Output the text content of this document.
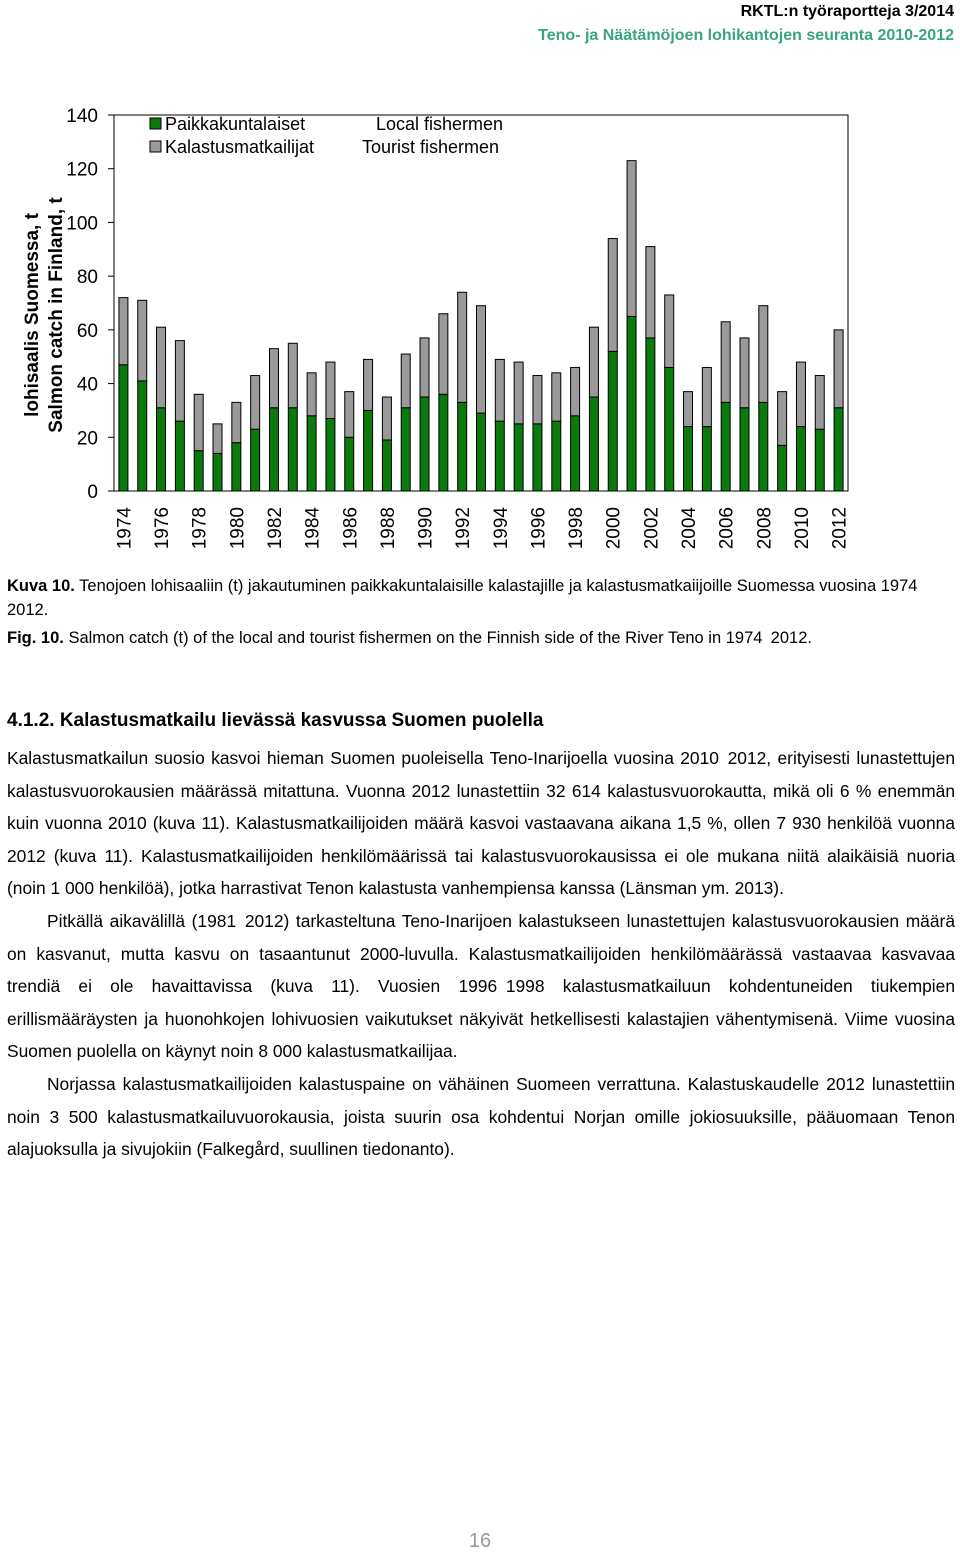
RKTL:n työraportteja 3/2014
Teno- ja Näätämöjoen lohikantojen seuranta 2010-2012
0
20
40
60
80
100
120
140
lohisaalis Suomessa, t Salmon catch in Finland, t
1974 1976 1978 1980 1982 1984 1986 1988 1990 1992 1994 1996 1998 2000 2002 2004 2006 2008 2010 2012
Paikkakuntalaiset	Local fishermen
Kalastusmatkailijat	Tourist fishermen
Kuva 10. Tenojoen lohisaaliin (t) jakautuminen paikkakuntalaisille kalastajille ja kalastusmatkaiijoille Suomessa vuosina 1974 2012.
Fig. 10. Salmon catch (t) of the local and tourist fishermen on the Finnish side of the River Teno in 1974 2012.
4.1.2. Kalastusmatkailu lievässä kasvussa Suomen puolella

Kalastusmatkailun suosio kasvoi hieman Suomen puoleisella Teno-Inarijoella vuosina 2010 2012, erityisesti lunastettujen kalastusvuorokausien määrässä mitattuna. Vuonna 2012 lunastettiin 32 614 kalastusvuorokautta, mikä oli 6 % enemmän kuin vuonna 2010 (kuva 11). Kalastusmatkailijoiden määrä kasvoi vastaavana aikana 1,5 %, ollen 7 930 henkilöä vuonna 2012 (kuva 11). Kalastusmatkailijoiden henkilömäärissä tai kalastusvuorokausissa ei ole mukana niitä alaikäisiä nuoria (noin 1 000 henkilöä), jotka harrastivat Tenon kalastusta vanhempiensa kanssa (Länsman ym. 2013).

Pitkällä aikavälillä (1981 2012) tarkasteltuna Teno-Inarijoen kalastukseen lunastettujen kalastusvuorokausien määrä on kasvanut, mutta kasvu on tasaantunut 2000-luvulla. Kalastusmatkailijoiden henkilömäärässä vastaavaa kasvavaa trendiä ei ole havaittavissa (kuva 11). Vuosien 1996 1998 kalastusmatkailuun kohdentuneiden tiukempien erillismääräysten ja huonohkojen lohivuosien vaikutukset näkyivät hetkellisesti kalastajien vähentymisenä. Viime vuosina Suomen puolella on käynyt noin 8 000 kalastusmatkailijaa.

Norjassa kalastusmatkailijoiden kalastuspaine on vähäinen Suomeen verrattuna. Kalastuskaudelle 2012 lunastettiin noin 3 500 kalastusmatkailuvuorokausia, joista suurin osa kohdentui Norjan omille jokiosuuksille, pääuomaan Tenon alajuoksulla ja sivujokiin (Falkegård, suullinen tiedonanto).

16
